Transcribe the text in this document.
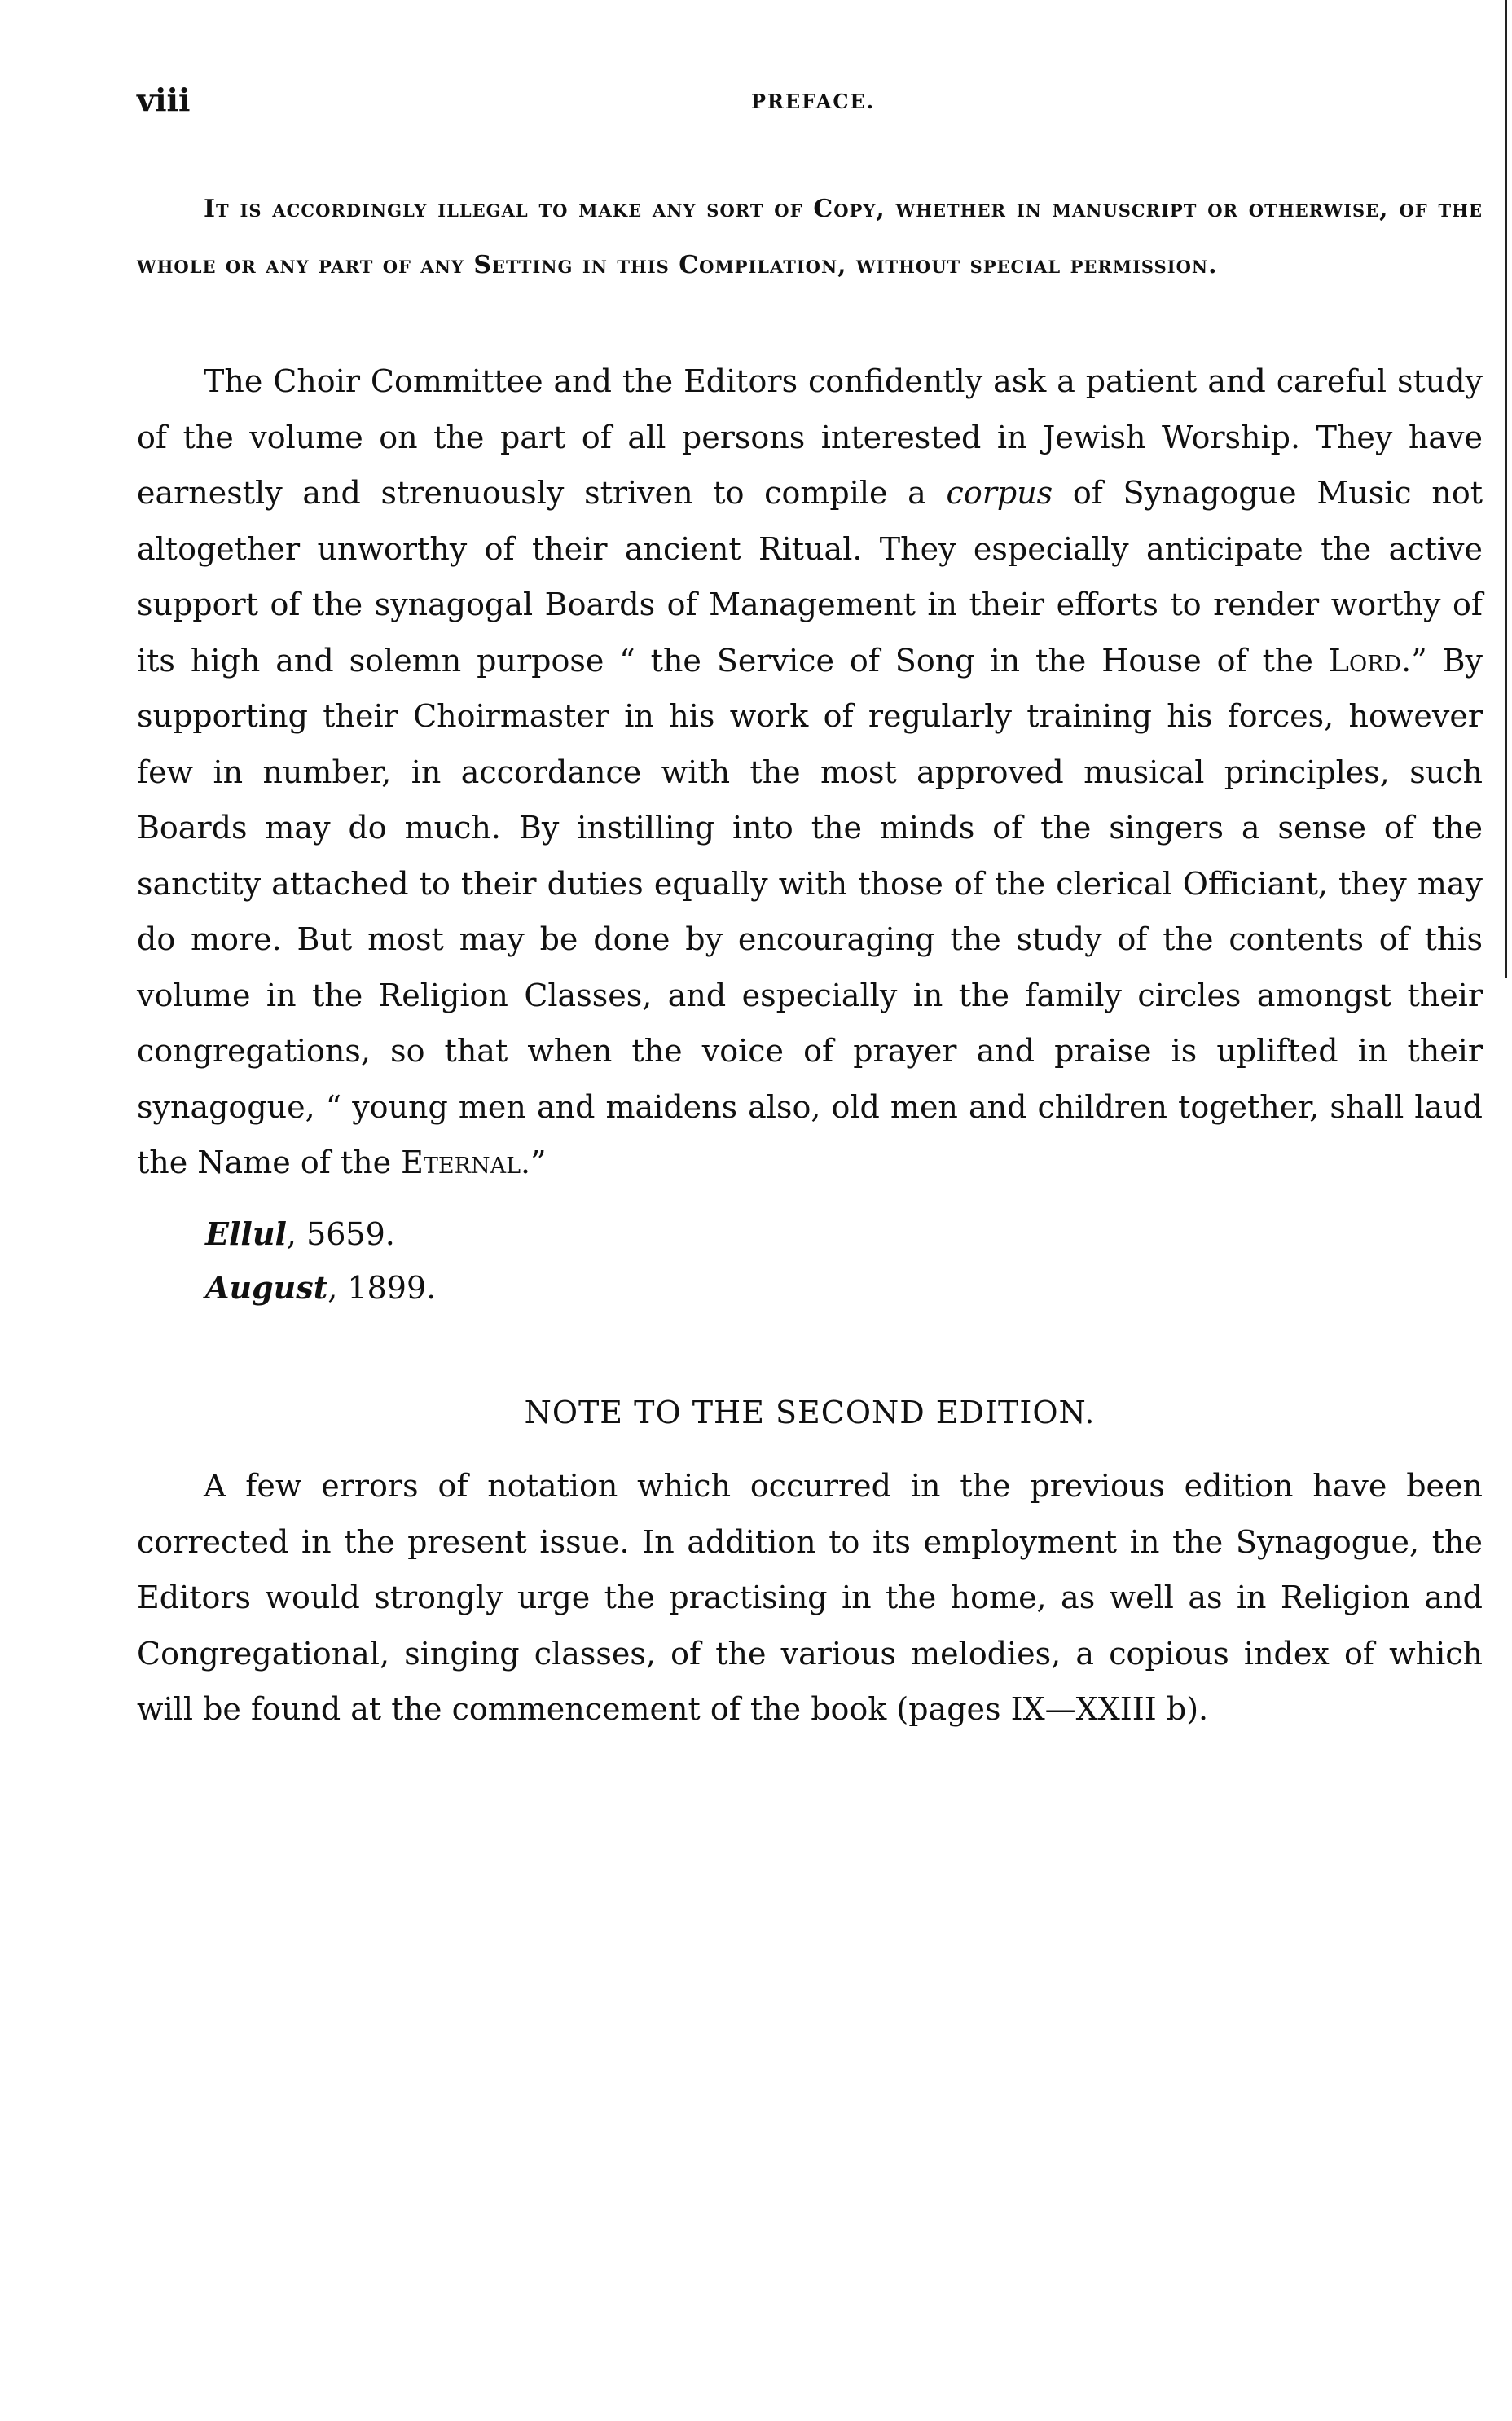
viii	PREFACE.

It is accordingly illegal to make any sort of Copy, whether in manuscript or otherwise, of the whole or any part of any Setting in this Compilation, without special permission.

The Choir Committee and the Editors confidently ask a patient and careful study of the volume on the part of all persons interested in Jewish Worship. They have earnestly and strenuously striven to compile a corpus of Synagogue Music not altogether unworthy of their ancient Ritual. They especially anticipate the active support of the synagogal Boards of Management in their efforts to render worthy of its high and solemn purpose “ the Service of Song in the House of the Lord.” By supporting their Choirmaster in his work of regularly training his forces, however few in number, in accordance with the most approved musical principles, such Boards may do much. By instilling into the minds of the singers a sense of the sanctity attached to their duties equally with those of the clerical Officiant, they may do more. But most may be done by encouraging the study of the contents of this volume in the Religion Classes, and especially in the family circles amongst their congregations, so that when the voice of prayer and praise is uplifted in their synagogue, “ young men and maidens also, old men and children together, shall laud the Name of the Eternal.”

Ellul, 5659.
August, 1899.
NOTE TO THE SECOND EDITION.

A few errors of notation which occurred in the previous edition have been corrected in the present issue. In addition to its employment in the Synagogue, the Editors would strongly urge the practising in the home, as well as in Religion and Congregational, singing classes, of the various melodies, a copious index of which will be found at the commencement of the book (pages IX—XXIII b).
